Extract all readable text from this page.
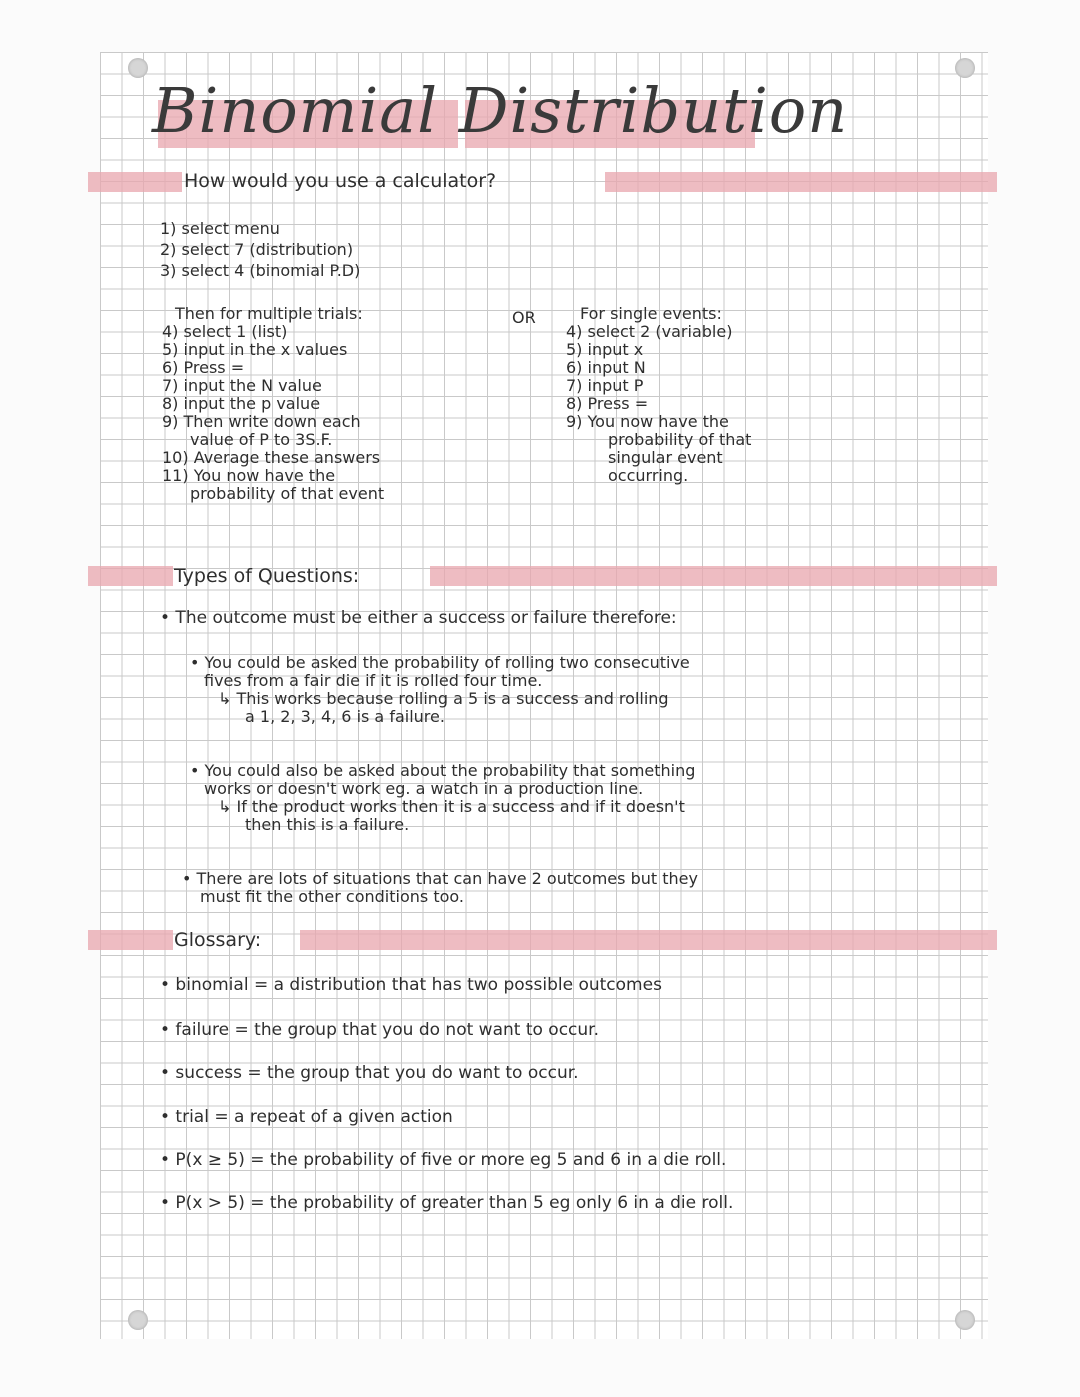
Binomial Distribution
How would you use a calculator?
1) select menu
2) select 7 (distribution)
3) select 4 (binomial P.D)
Then for multiple trials:
4) select 1 (list)
5) input in the x values
6) Press =
7) input the N value
8) input the p value
9) Then write down each
value of P to 3S.F.
10) Average these answers
11) You now have the
probability of that event
OR	For single events:
4) select 2 (variable)
5) input x
6) input N
7) input P
8) Press =
9) You now have the
probability of that
singular event
occurring.
Types of Questions:
• The outcome must be either a success or failure therefore:
• You could be asked the probability of rolling two consecutive
fives from a fair die if it is rolled four time.
↳ This works because rolling a 5 is a success and rolling
a 1, 2, 3, 4, 6 is a failure.
• You could also be asked about the probability that something
works or doesn't work eg. a watch in a production line.
↳ If the product works then it is a success and if it doesn't
then this is a failure.
• There are lots of situations that can have 2 outcomes but they
must fit the other conditions too.
Glossary:
• binomial = a distribution that has two possible outcomes
• failure = the group that you do not want to occur.
• success = the group that you do want to occur.
• trial = a repeat of a given action
• P(x ≥ 5) = the probability of five or more eg 5 and 6 in a die roll.
• P(x > 5) = the probability of greater than 5 eg only 6 in a die roll.
